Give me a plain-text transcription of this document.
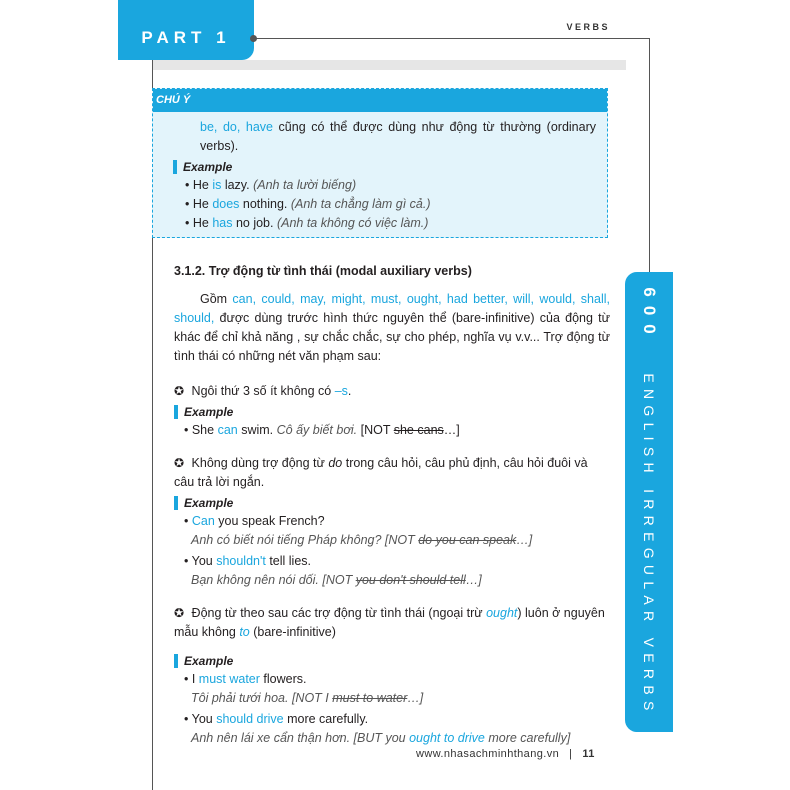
PART 1
VERBS
CHÚ Ý
be, do, have cũng có thể được dùng như động từ thường (ordinary verbs).
Example
• He is lazy. (Anh ta lười biếng)
• He does nothing. (Anh ta chẳng làm gì cả.)
• He has no job. (Anh ta không có việc làm.)
3.1.2. Trợ động từ tình thái (modal auxiliary verbs)
Gồm can, could, may, might, must, ought, had better, will, would, shall, should, được dùng trước hình thức nguyên thể (bare-infinitive) của động từ khác để chỉ khả năng , sự chắc chắc, sự cho phép, nghĩa vụ v.v... Trợ động từ tình thái có những nét văn phạm sau:
✪ Ngôi thứ 3 số ít không có –s.
Example
• She can swim. Cô ấy biết bơi. [NOT she cans…]
✪ Không dùng trợ động từ do trong câu hỏi, câu phủ định, câu hỏi đuôi và câu trả lời ngắn.
Example
• Can you speak French?
Anh có biết nói tiếng Pháp không? [NOT do you can speak…]
• You shouldn't tell lies.
Bạn không nên nói dối. [NOT you don't should tell…]
✪ Động từ theo sau các trợ động từ tình thái (ngoại trừ ought) luôn ở nguyên mẫu không to (bare-infinitive)
Example
• I must water flowers.
Tôi phải tưới hoa. [NOT I must to water…]
• You should drive more carefully.
Anh nên lái xe cẩn thận hơn. [BUT you ought to drive more carefully]
600   ENGLISH IRREGULAR VERBS
www.nhasachminhthang.vn | 11
